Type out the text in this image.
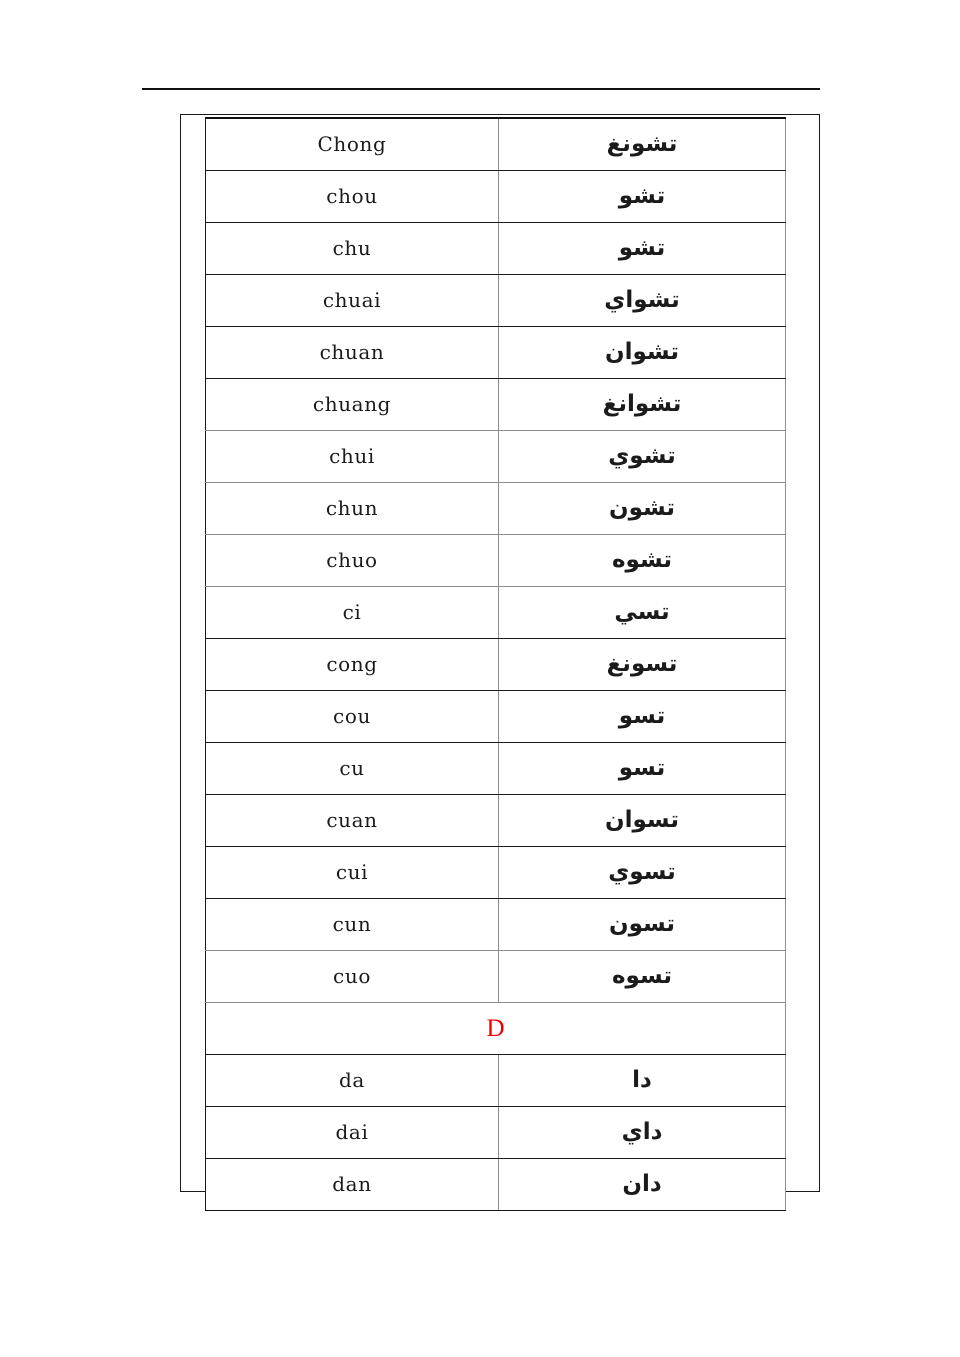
Chong	تشونغ
chou	تشو
chu	تشو
chuai	تشواي
chuan	تشوان
chuang	تشوانغ
chui	تشوي
chun	تشون
chuo	تشوه
ci	تسي
cong	تسونغ
cou	تسو
cu	تسو
cuan	تسوان
cui	تسوي
cun	تسون
cuo	تسوه
D	
da	دا
dai	داي
dan	دان
